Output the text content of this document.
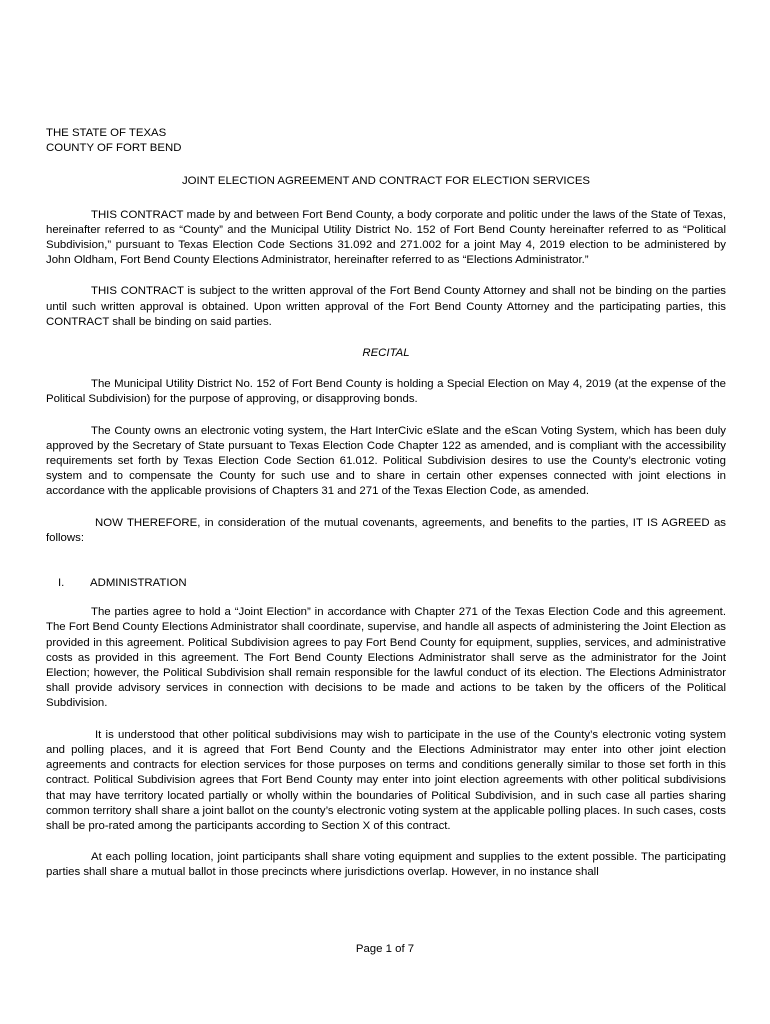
THE STATE OF TEXAS

COUNTY OF FORT BEND

JOINT ELECTION AGREEMENT AND CONTRACT FOR ELECTION SERVICES

THIS CONTRACT made by and between Fort Bend County, a body corporate and politic under the laws of the State of Texas, hereinafter referred to as “County” and the Municipal Utility District No. 152 of Fort Bend County hereinafter referred to as “Political Subdivision,” pursuant to Texas Election Code Sections 31.092 and 271.002 for a joint May 4, 2019 election to be administered by John Oldham, Fort Bend County Elections Administrator, hereinafter referred to as “Elections Administrator.”

THIS CONTRACT is subject to the written approval of the Fort Bend County Attorney and shall not be binding on the parties until such written approval is obtained. Upon written approval of the Fort Bend County Attorney and the participating parties, this CONTRACT shall be binding on said parties.

RECITAL

The Municipal Utility District No. 152 of Fort Bend County is holding a Special Election on May 4, 2019 (at the expense of the Political Subdivision) for the purpose of approving, or disapproving bonds.

The County owns an electronic voting system, the Hart InterCivic eSlate and the eScan Voting System, which has been duly approved by the Secretary of State pursuant to Texas Election Code Chapter 122 as amended, and is compliant with the accessibility requirements set forth by Texas Election Code Section 61.012. Political Subdivision desires to use the County’s electronic voting system and to compensate the County for such use and to share in certain other expenses connected with joint elections in accordance with the applicable provisions of Chapters 31 and 271 of the Texas Election Code, as amended.

NOW THEREFORE, in consideration of the mutual covenants, agreements, and benefits to the parties, IT IS AGREED as follows:

I.	ADMINISTRATION

The parties agree to hold a “Joint Election” in accordance with Chapter 271 of the Texas Election Code and this agreement. The Fort Bend County Elections Administrator shall coordinate, supervise, and handle all aspects of administering the Joint Election as provided in this agreement. Political Subdivision agrees to pay Fort Bend County for equipment, supplies, services, and administrative costs as provided in this agreement. The Fort Bend County Elections Administrator shall serve as the administrator for the Joint Election; however, the Political Subdivision shall remain responsible for the lawful conduct of its election. The Elections Administrator shall provide advisory services in connection with decisions to be made and actions to be taken by the officers of the Political Subdivision.

It is understood that other political subdivisions may wish to participate in the use of the County’s electronic voting system and polling places, and it is agreed that Fort Bend County and the Elections Administrator may enter into other joint election agreements and contracts for election services for those purposes on terms and conditions generally similar to those set forth in this contract. Political Subdivision agrees that Fort Bend County may enter into joint election agreements with other political subdivisions that may have territory located partially or wholly within the boundaries of Political Subdivision, and in such case all parties sharing common territory shall share a joint ballot on the county’s electronic voting system at the applicable polling places. In such cases, costs shall be pro-rated among the participants according to Section X of this contract.

At each polling location, joint participants shall share voting equipment and supplies to the extent possible. The participating parties shall share a mutual ballot in those precincts where jurisdictions overlap. However, in no instance shall

Page 1 of 7
